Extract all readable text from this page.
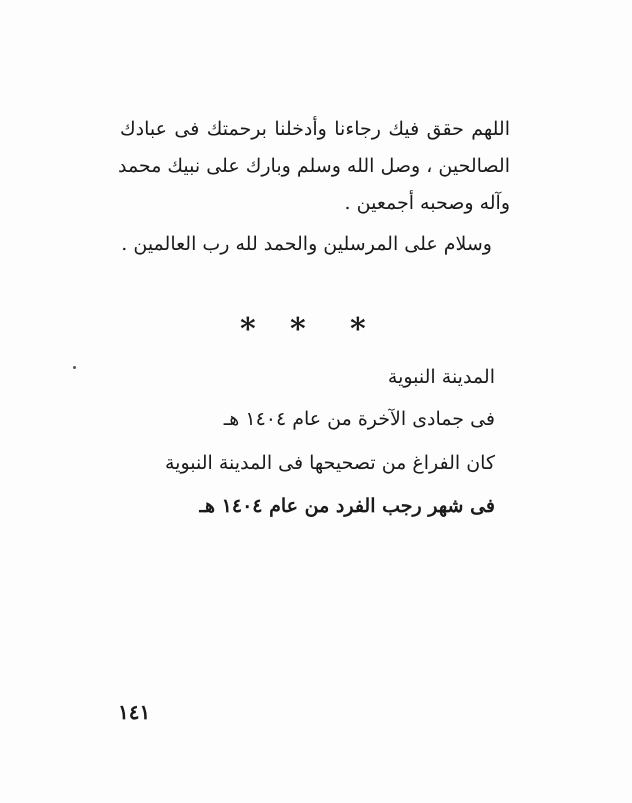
اللهم حقق فيك رجاءنا وأدخلنا برحمتك فى عبادك
الصالحين ، وصل الله وسلم وبارك على نبيك محمد
وآله وصحبه أجمعين .
وسلام على المرسلين والحمد لله رب العالمين .
* * *
المدينة النبوية
فى جمادى الآخرة من عام ١٤٠٤ هـ
كان الفراغ من تصحيحها فى المدينة النبوية
فى شهر رجب الفرد من عام ١٤٠٤ هـ
١٤١
